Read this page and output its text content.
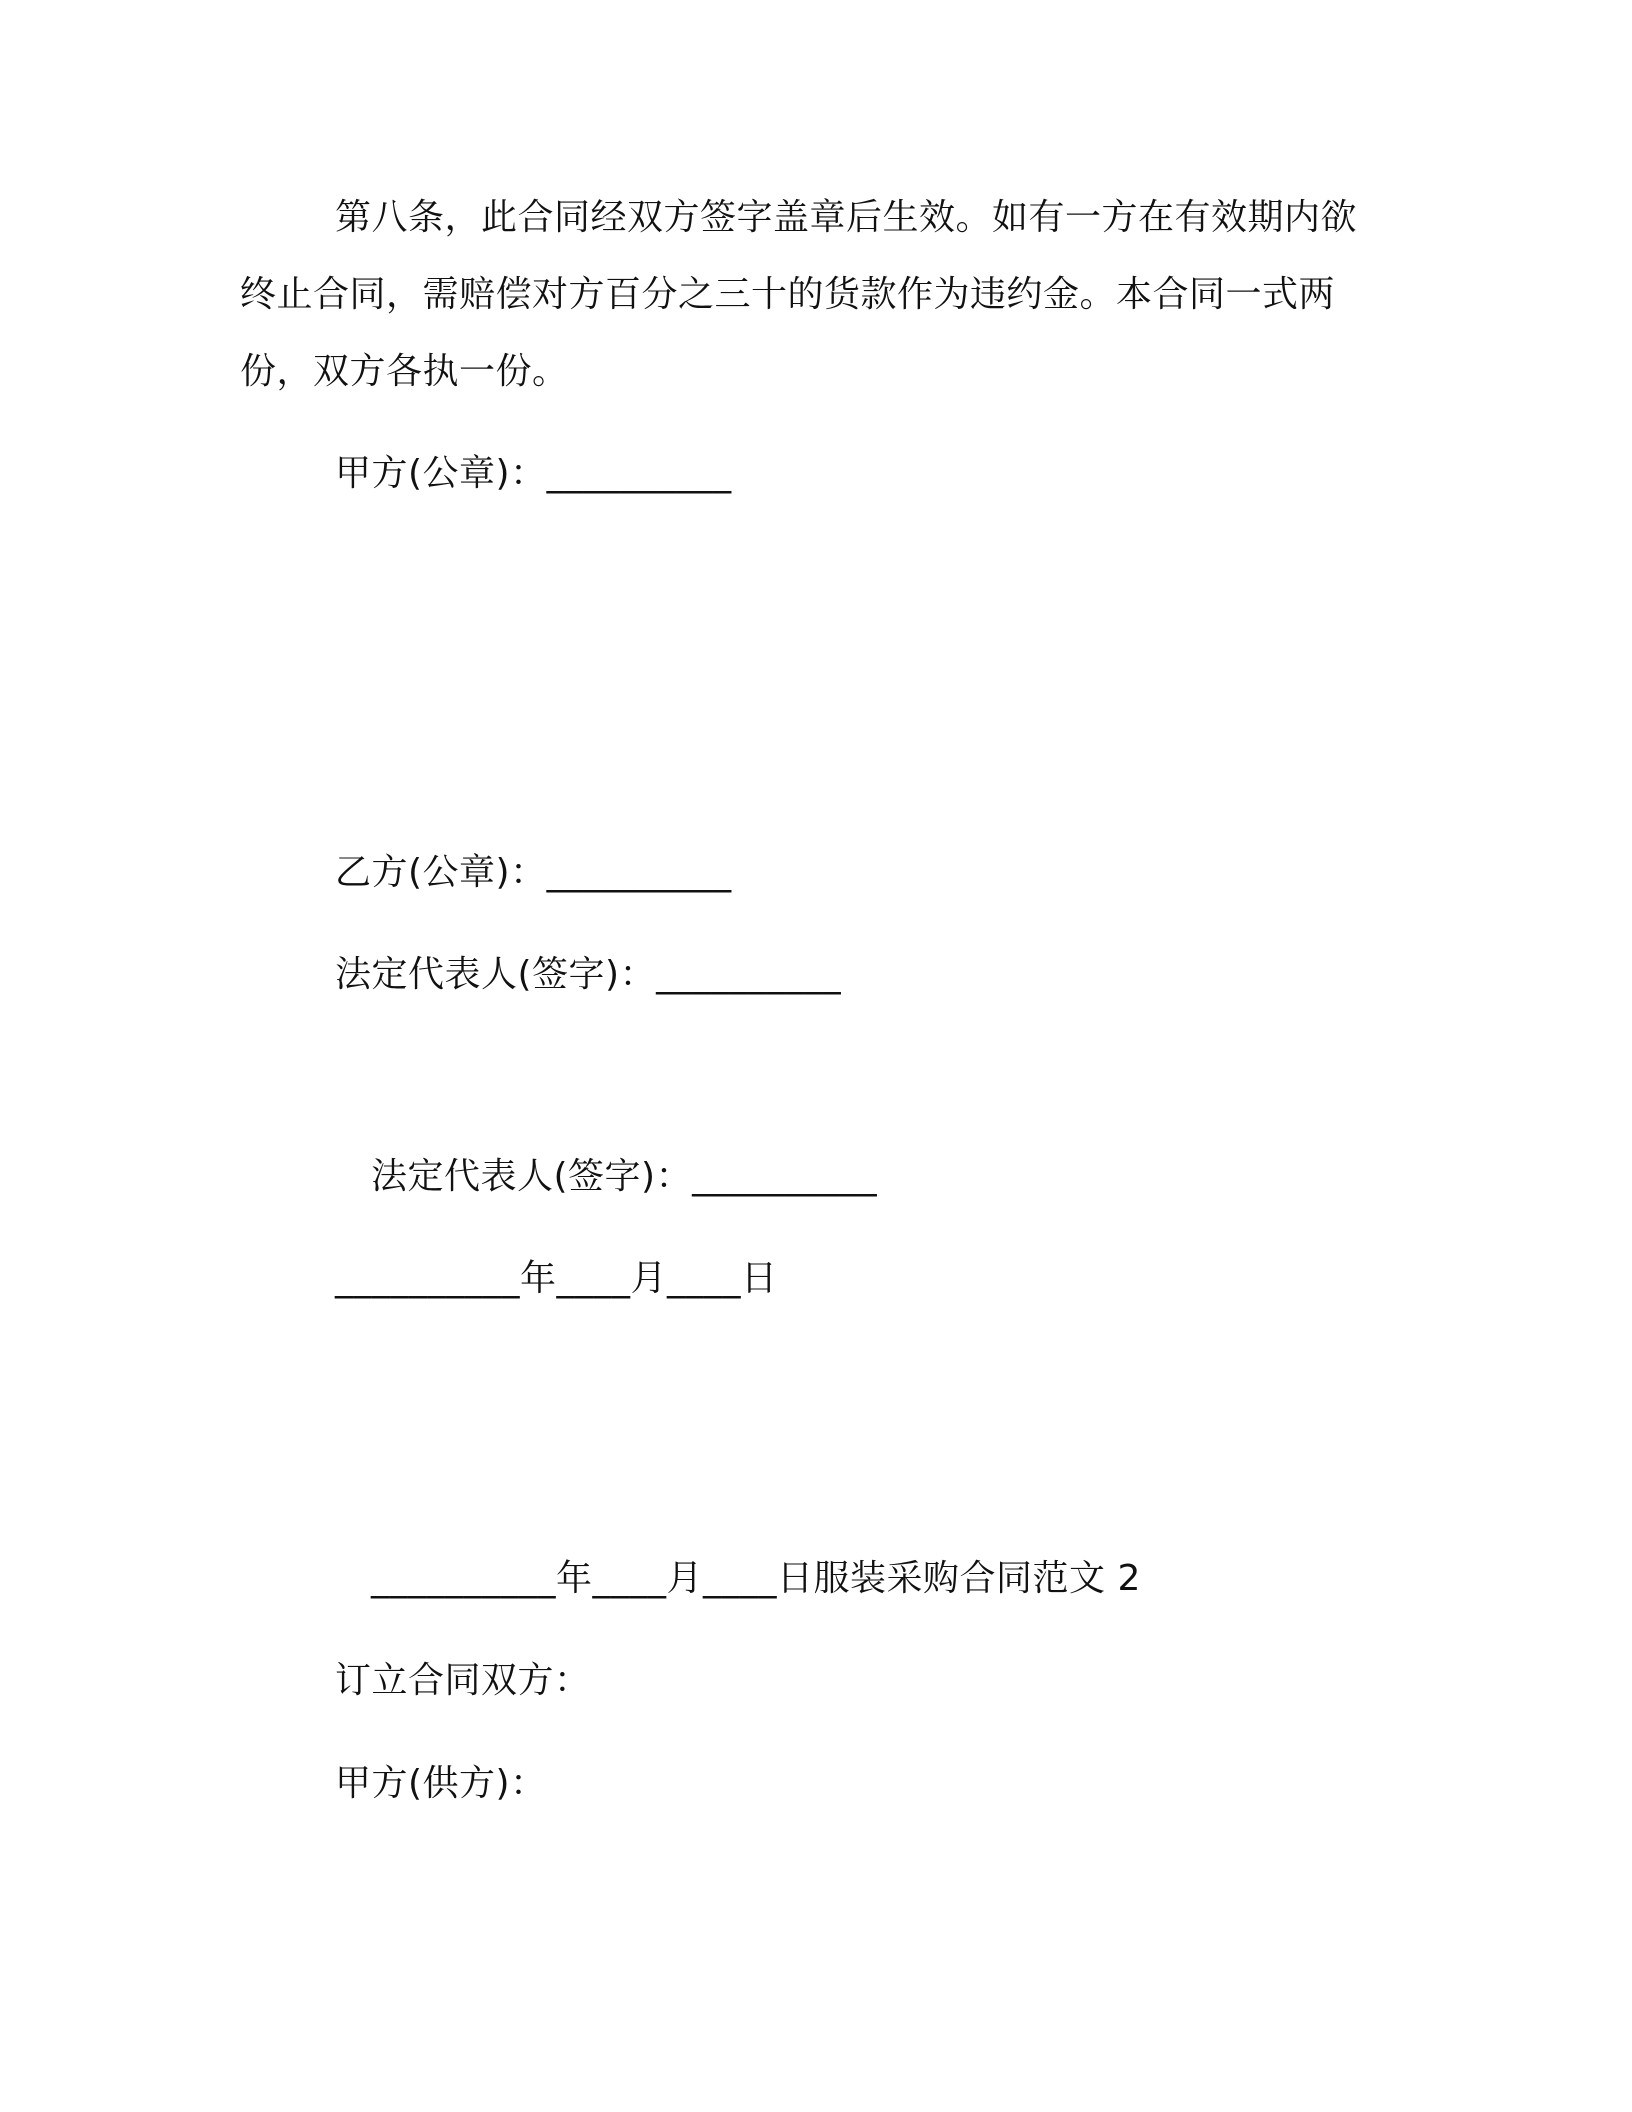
第八条，此合同经双方签字盖章后生效。如有一方在有效期内欲
终止合同，需赔偿对方百分之三十的货款作为违约金。本合同一式两
份，双方各执一份。
甲方(公章)：__________
乙方(公章)：__________
法定代表人(签字)：__________
法定代表人(签字)：__________
__________年____月____日
__________年____月____日服装采购合同范文 2
订立合同双方：
甲方(供方)：
